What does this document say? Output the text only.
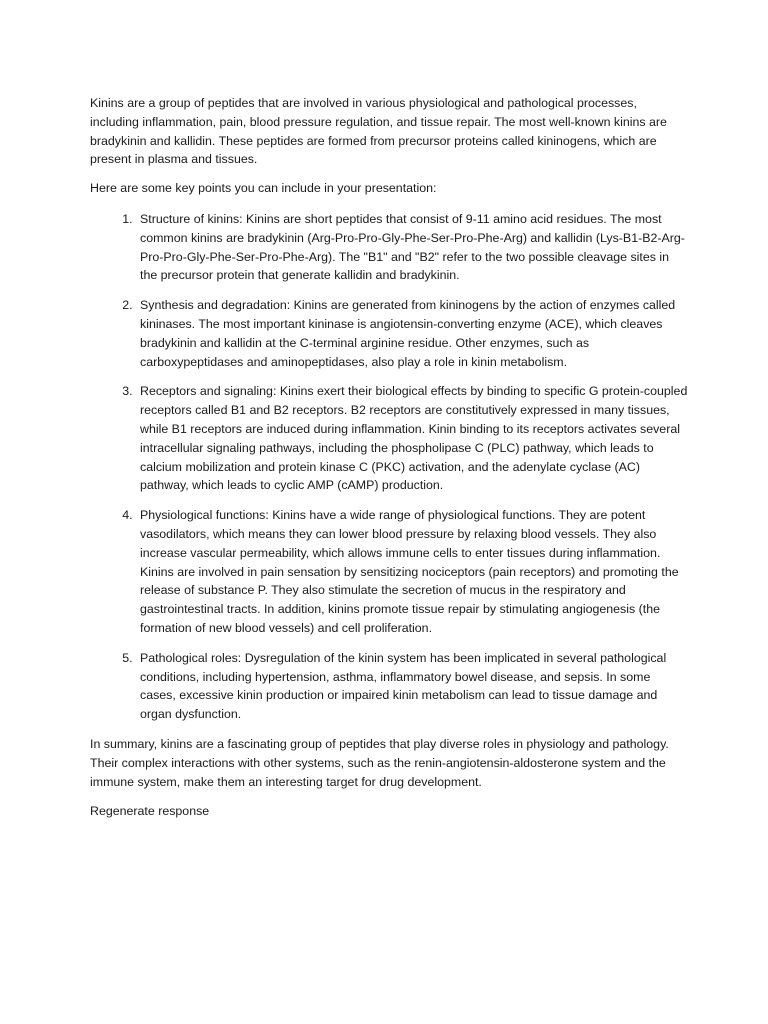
Kinins are a group of peptides that are involved in various physiological and pathological processes, including inflammation, pain, blood pressure regulation, and tissue repair. The most well-known kinins are bradykinin and kallidin. These peptides are formed from precursor proteins called kininogens, which are present in plasma and tissues.

Here are some key points you can include in your presentation:

1. Structure of kinins: Kinins are short peptides that consist of 9-11 amino acid residues. The most common kinins are bradykinin (Arg-Pro-Pro-Gly-Phe-Ser-Pro-Phe-Arg) and kallidin (Lys-B1-B2-Arg-Pro-Pro-Gly-Phe-Ser-Pro-Phe-Arg). The "B1" and "B2" refer to the two possible cleavage sites in the precursor protein that generate kallidin and bradykinin.
2. Synthesis and degradation: Kinins are generated from kininogens by the action of enzymes called kininases. The most important kininase is angiotensin-converting enzyme (ACE), which cleaves bradykinin and kallidin at the C-terminal arginine residue. Other enzymes, such as carboxypeptidases and aminopeptidases, also play a role in kinin metabolism.
3. Receptors and signaling: Kinins exert their biological effects by binding to specific G protein-coupled receptors called B1 and B2 receptors. B2 receptors are constitutively expressed in many tissues, while B1 receptors are induced during inflammation. Kinin binding to its receptors activates several intracellular signaling pathways, including the phospholipase C (PLC) pathway, which leads to calcium mobilization and protein kinase C (PKC) activation, and the adenylate cyclase (AC) pathway, which leads to cyclic AMP (cAMP) production.
4. Physiological functions: Kinins have a wide range of physiological functions. They are potent vasodilators, which means they can lower blood pressure by relaxing blood vessels. They also increase vascular permeability, which allows immune cells to enter tissues during inflammation. Kinins are involved in pain sensation by sensitizing nociceptors (pain receptors) and promoting the release of substance P. They also stimulate the secretion of mucus in the respiratory and gastrointestinal tracts. In addition, kinins promote tissue repair by stimulating angiogenesis (the formation of new blood vessels) and cell proliferation.
5. Pathological roles: Dysregulation of the kinin system has been implicated in several pathological conditions, including hypertension, asthma, inflammatory bowel disease, and sepsis. In some cases, excessive kinin production or impaired kinin metabolism can lead to tissue damage and organ dysfunction.

In summary, kinins are a fascinating group of peptides that play diverse roles in physiology and pathology. Their complex interactions with other systems, such as the renin-angiotensin-aldosterone system and the immune system, make them an interesting target for drug development.

Regenerate response
